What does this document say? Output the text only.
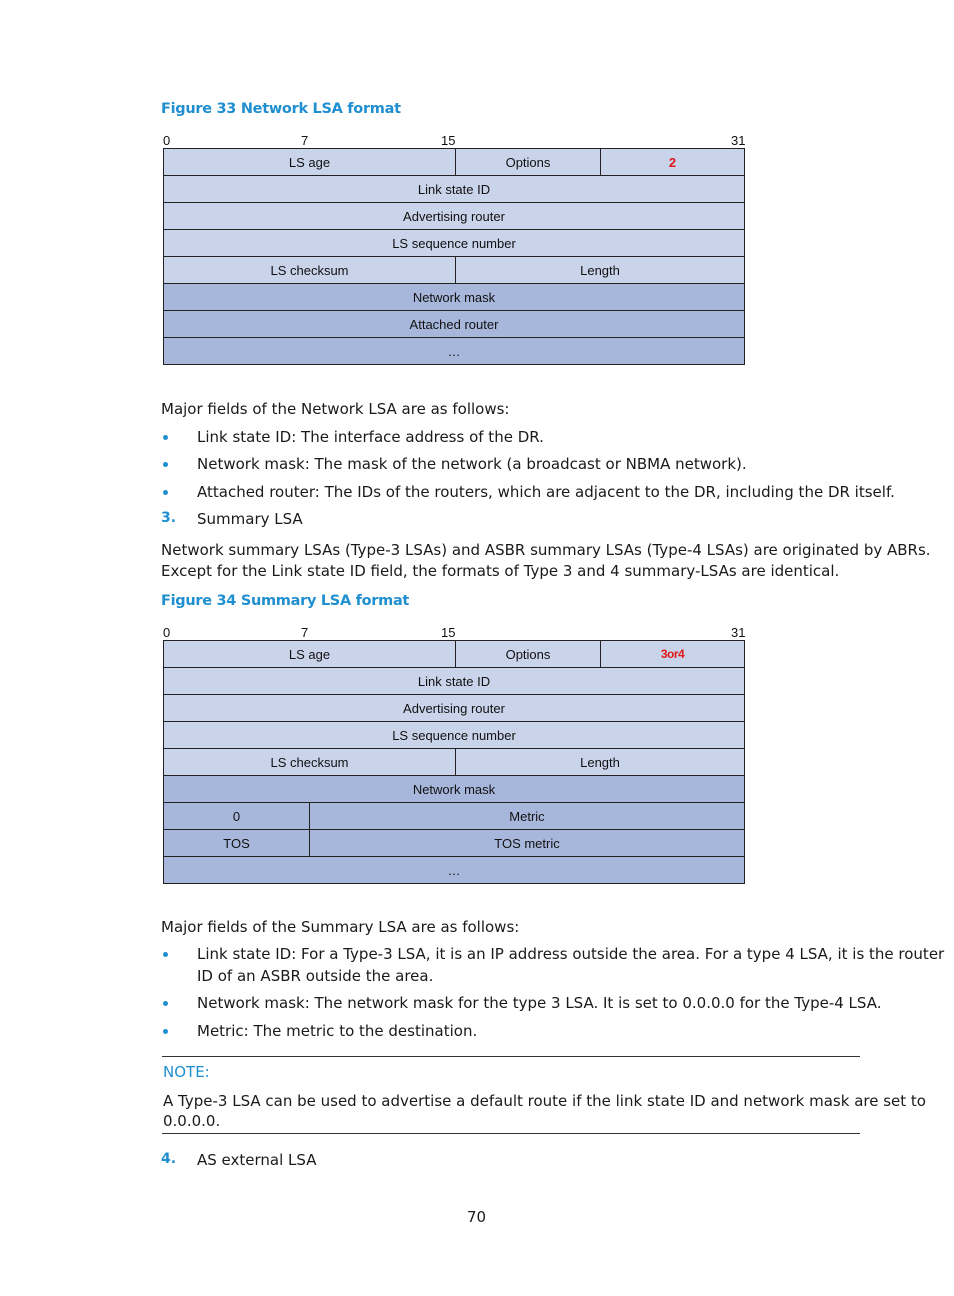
Figure 33 Network LSA format
0	7	15	31
LS age	Options	2
Link state ID
Advertising router
LS sequence number
LS checksum	Length
Network mask
Attached router
…
Major fields of the Network LSA are as follows:
Link state ID: The interface address of the DR.
Network mask: The mask of the network (a broadcast or NBMA network).
Attached router: The IDs of the routers, which are adjacent to the DR, including the DR itself.
3. Summary LSA
Network summary LSAs (Type-3 LSAs) and ASBR summary LSAs (Type-4 LSAs) are originated by ABRs.
Except for the Link state ID field, the formats of Type 3 and 4 summary-LSAs are identical.
Figure 34 Summary LSA format
0	7	15	31
LS age	Options	3or4
Link state ID
Advertising router
LS sequence number
LS checksum	Length
Network mask
0	Metric
TOS	TOS metric
…
Major fields of the Summary LSA are as follows:
Link state ID: For a Type-3 LSA, it is an IP address outside the area. For a type 4 LSA, it is the router
ID of an ASBR outside the area.
Network mask: The network mask for the type 3 LSA. It is set to 0.0.0.0 for the Type-4 LSA.
Metric: The metric to the destination.
NOTE:
A Type-3 LSA can be used to advertise a default route if the link state ID and network mask are set to
0.0.0.0.
4. AS external LSA
70
